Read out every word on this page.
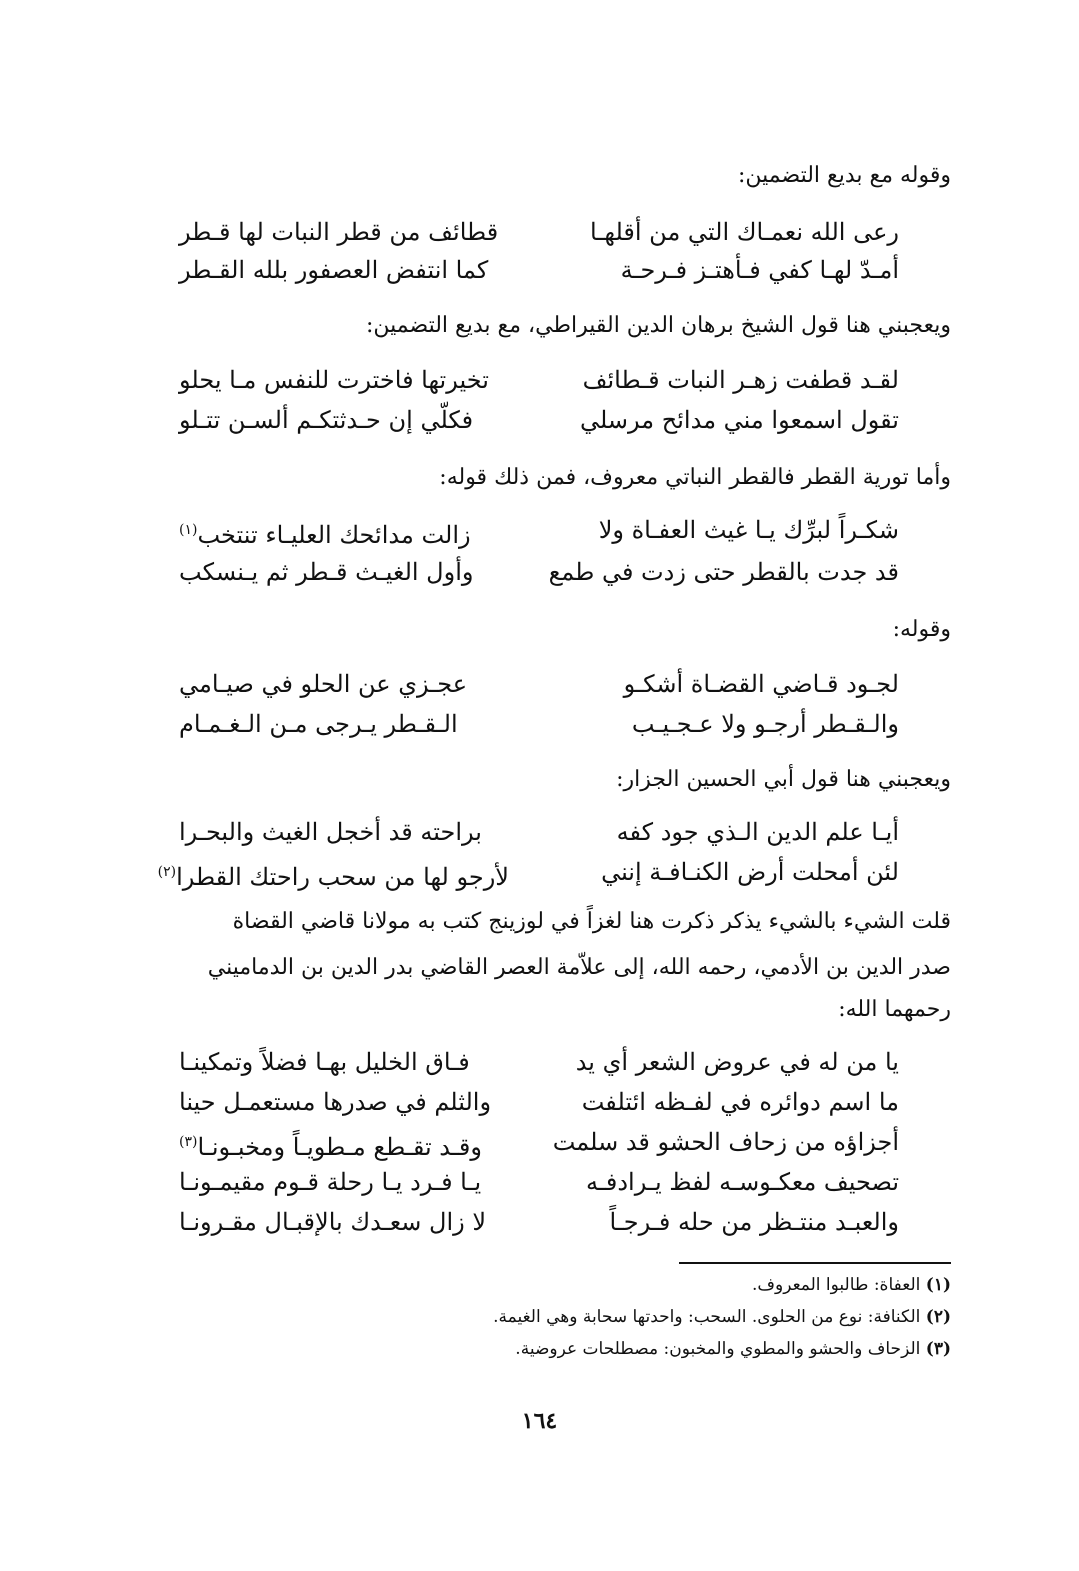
وقوله مع بديع التضمين:
رعى الله نعمـاك التي من أقلهـا
قطائف من قطر النبات لها قـطر
أمـدّ لهـا كفي فـأهتـز فـرحـة
كما انتفض العصفور بلله القـطر
ويعجبني هنا قول الشيخ برهان الدين القيراطي، مع بديع التضمين:
لقـد قطفت زهـر النبات قـطائف
تخيرتها فاخترت للنفس مـا يحلو
تقول اسمعوا مني مدائح مرسلي
فكلّي إن حـدثتكـم ألسـن تتـلو
وأما تورية القطر فالقطر النباتي معروف، فمن ذلك قوله:
شكـراً لبرِّك يـا غيث العفـاة ولا
زالت مدائحك العليـاء تنتخب$^{(١)}$
قد جدت بالقطر حتى زدت في طمع
وأول الغيـث قـطر ثم يـنسكب
وقوله:
لجـود قـاضي القضـاة أشكـو
عجـزي عن الحلو في صيـامي
والـقـطر أرجـو ولا عـجـيـب
الـقـطر يـرجى مـن الـغـمـام
ويعجبني هنا قول أبي الحسين الجزار:
أيـا علم الدين الـذي جود كفه
براحته قد أخجل الغيث والبحـرا
لئن أمحلت أرض الكنـافـة إنني
لأرجو لها من سحب راحتك القطرا$^{(٢)}$
قلت الشيء بالشيء يذكر ذكرت هنا لغزاً في لوزينج كتب به مولانا قاضي القضاة
صدر الدين بن الأدمي، رحمه الله، إلى علاّمة العصر القاضي بدر الدين بن الدماميني
رحمهما الله:
يا من له في عروض الشعر أي يد
فـاق الخليل بهـا فضلاً وتمكينـا
ما اسم دوائره في لفـظه ائتلفت
والثلم في صدرها مستعمـل حينا
أجزاؤه من زحاف الحشو قد سلمت
وقـد تقـطع مـطويـاً ومخبـونـا$^{(٣)}$
تصحيف معكـوسـه لفظ يـرادفـه
يـا فـرد يـا رحلة قـوم مقيمـونـا
والعبـد منتـظر من حله فـرجـاً
لا زال سعـدك بالإقبـال مقـرونـا
(١) العفاة: طالبوا المعروف.
(٢) الكنافة: نوع من الحلوى. السحب: واحدتها سحابة وهي الغيمة.
(٣) الزحاف والحشو والمطوي والمخبون: مصطلحات عروضية.
١٦٤
